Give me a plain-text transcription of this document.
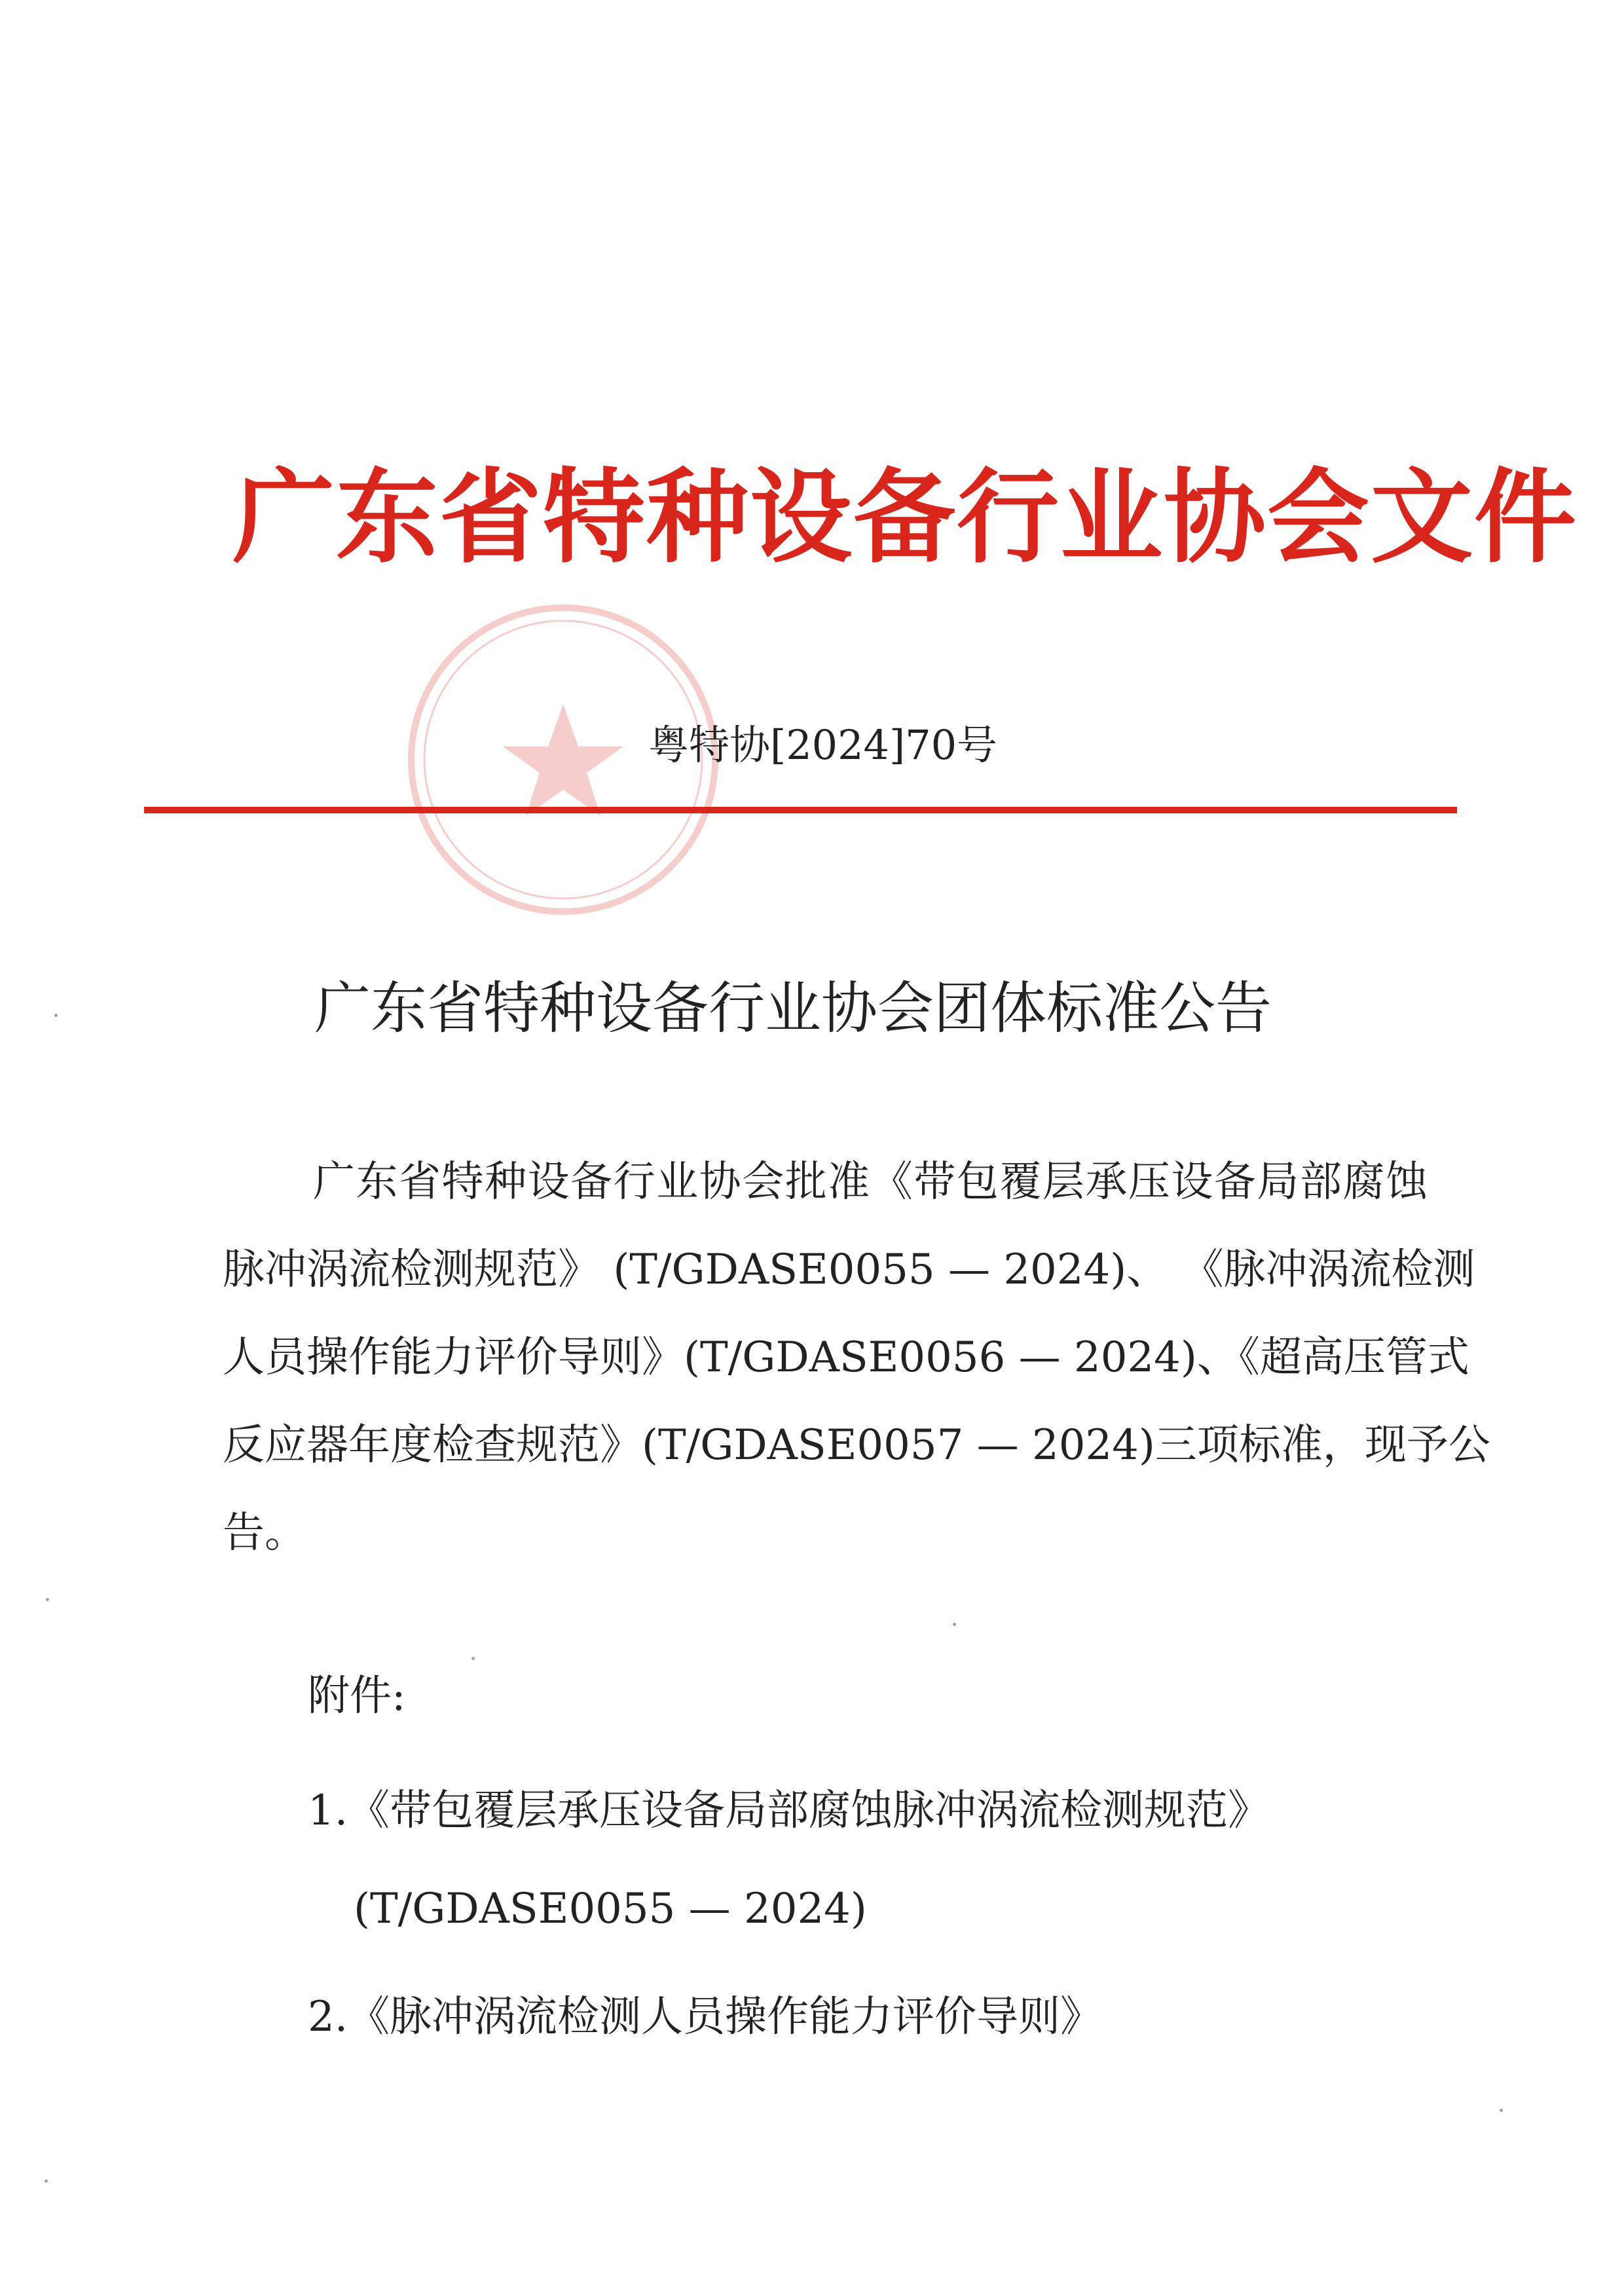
广东省特种设备行业协会文件
粤特协[2024]70号
广东省特种设备行业协会团体标准公告
广东省特种设备行业协会批准《带包覆层承压设备局部腐蚀
脉冲涡流检测规范》 (T/GDASE0055 — 2024)、 《脉冲涡流检测
人员操作能力评价导则》(T/GDASE0056 — 2024)、《超高压管式
反应器年度检查规范》(T/GDASE0057 — 2024)三项标准，现予公
告。
附件:
1.《带包覆层承压设备局部腐蚀脉冲涡流检测规范》
(T/GDASE0055 — 2024)
2.《脉冲涡流检测人员操作能力评价导则》
